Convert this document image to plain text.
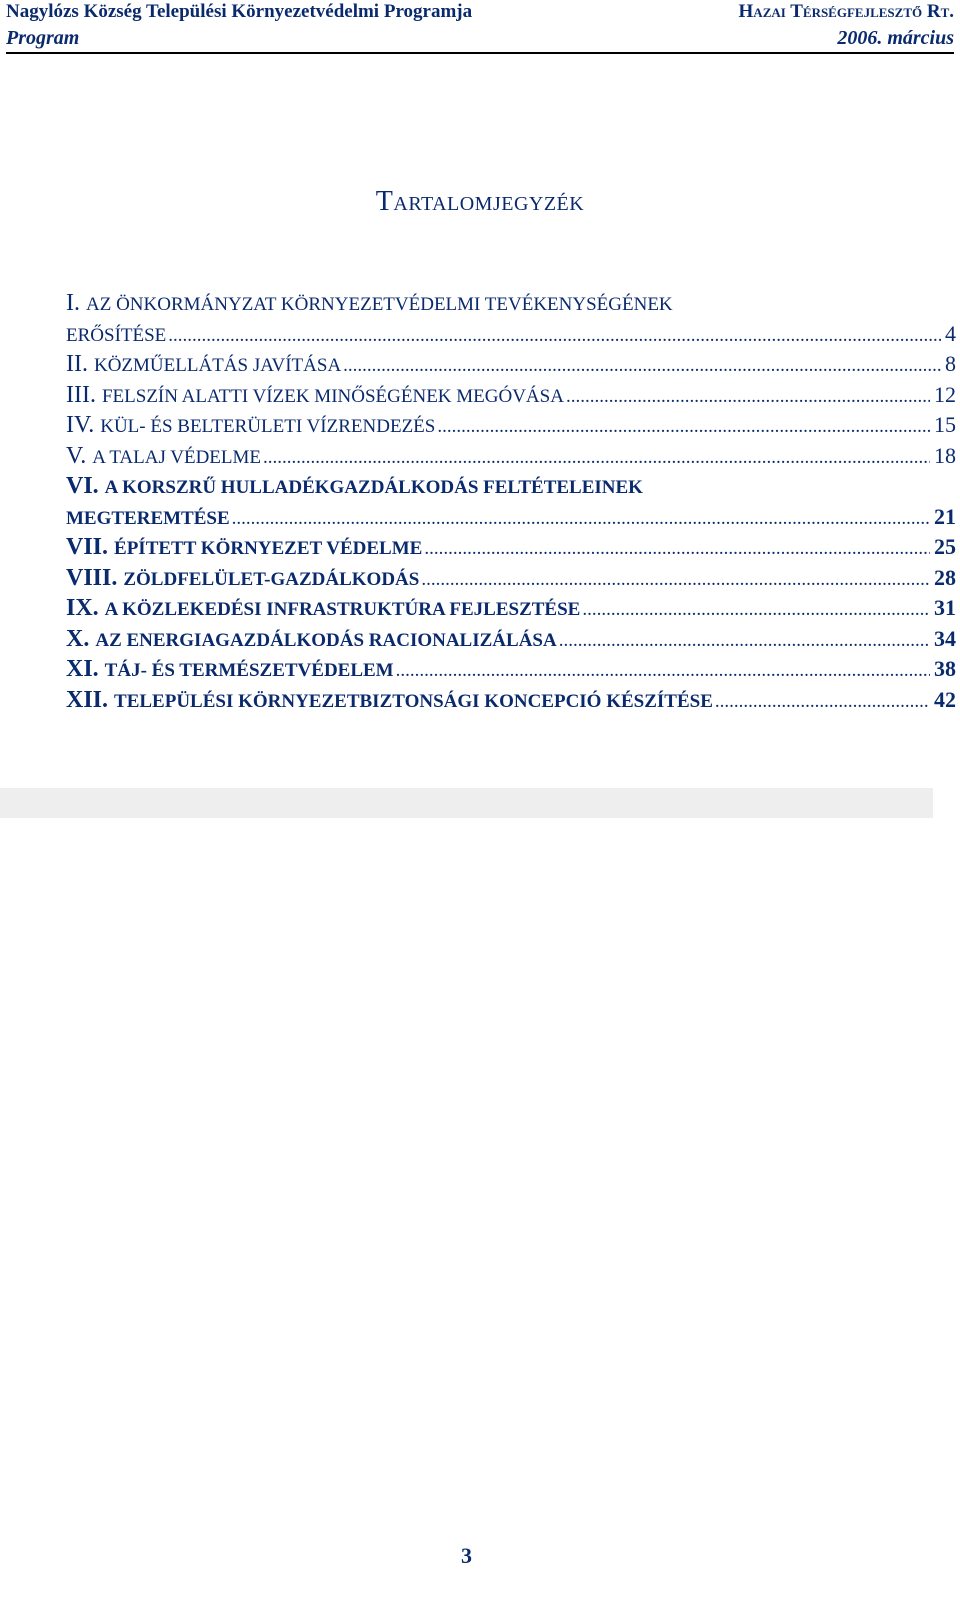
Nagylózs Község Települési Környezetvédelmi Programja	Hazai Térségfejlesztő Rt.
Program	2006. március
Tartalomjegyzék
I. AZ ÖNKORMÁNYZAT KÖRNYEZETVÉDELMI TEVÉKENYSÉGÉNEK
ERŐSÍTÉSE .....	4
II. KÖZMŰELLÁTÁS JAVÍTÁSA .....	8
III. FELSZÍN ALATTI VÍZEK MINŐSÉGÉNEK MEGÓVÁSA .....	12
IV. KÜL- ÉS BELTERÜLETI VÍZRENDEZÉS .....	15
V. A TALAJ VÉDELME .....	18
VI. A KORSZRŰ HULLADÉKGAZDÁLKODÁS FELTÉTELEINEK
MEGTEREMTÉSE .....	21
VII. ÉPÍTETT KÖRNYEZET VÉDELME .....	25
VIII. ZÖLDFELÜLET-GAZDÁLKODÁS .....	28
IX. A KÖZLEKEDÉSI INFRASTRUKTÚRA FEJLESZTÉSE .....	31
X. AZ ENERGIAGAZDÁLKODÁS RACIONALIZÁLÁSA .....	34
XI. TÁJ- ÉS TERMÉSZETVÉDELEM .....	38
XII. TELEPÜLÉSI KÖRNYEZETBIZTONSÁGI KONCEPCIÓ KÉSZÍTÉSE .....	42
3
